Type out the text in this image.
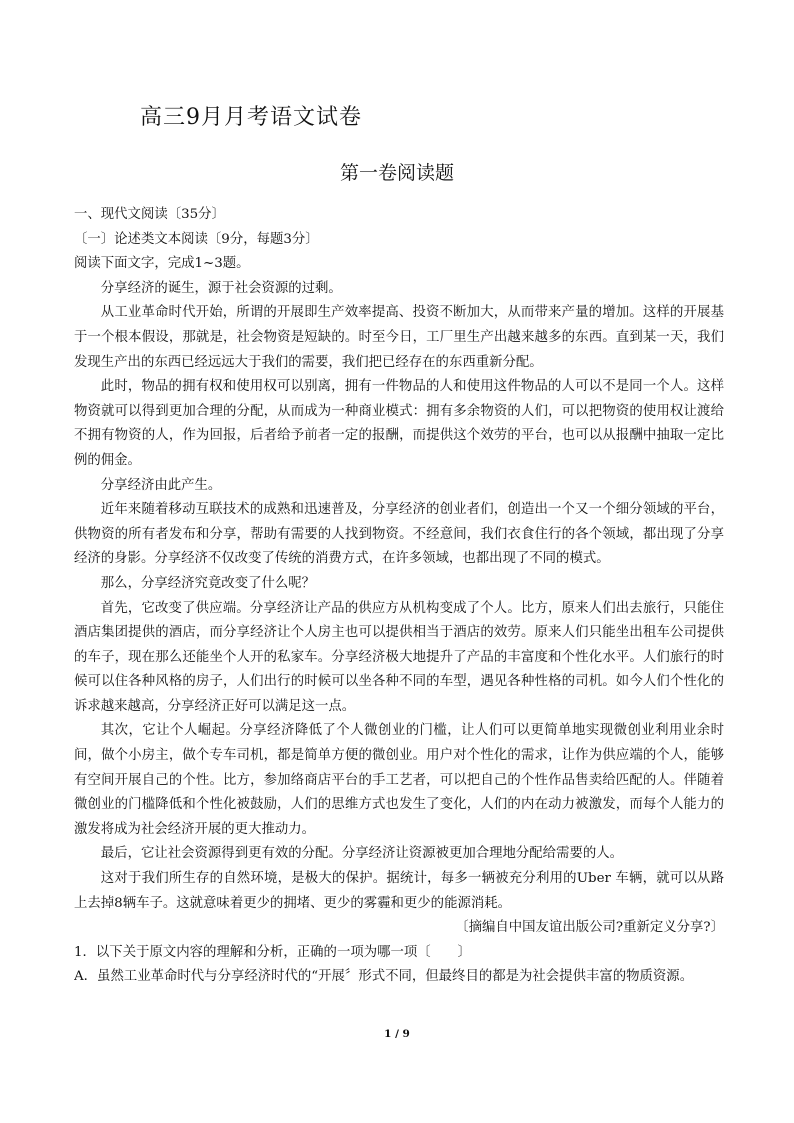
高三9月月考语文试卷
第一卷阅读题
一、现代文阅读〔35分〕
〔一〕论述类文本阅读〔9分，每题3分〕
阅读下面文字，完成1~3题。
分享经济的诞生，源于社会资源的过剩。
从工业革命时代开始，所谓的开展即生产效率提高、投资不断加大，从而带来产量的增加。这样的开展基于一个根本假设，那就是，社会物资是短缺的。时至今日，工厂里生产出越来越多的东西。直到某一天，我们发现生产出的东西已经远远大于我们的需要，我们把已经存在的东西重新分配。
此时，物品的拥有权和使用权可以别离，拥有一件物品的人和使用这件物品的人可以不是同一个人。这样物资就可以得到更加合理的分配，从而成为一种商业模式：拥有多余物资的人们，可以把物资的使用权让渡给不拥有物资的人，作为回报，后者给予前者一定的报酬，而提供这个效劳的平台，也可以从报酬中抽取一定比例的佣金。
分享经济由此产生。
近年来随着移动互联技术的成熟和迅速普及，分享经济的创业者们，创造出一个又一个细分领域的平台，供物资的所有者发布和分享，帮助有需要的人找到物资。不经意间，我们衣食住行的各个领域，都出现了分享经济的身影。分享经济不仅改变了传统的消费方式，在许多领域，也都出现了不同的模式。
那么，分享经济究竟改变了什么呢？
首先，它改变了供应端。分享经济让产品的供应方从机构变成了个人。比方，原来人们出去旅行，只能住酒店集团提供的酒店，而分享经济让个人房主也可以提供相当于酒店的效劳。原来人们只能坐出租车公司提供的车子，现在那么还能坐个人开的私家车。分享经济极大地提升了产品的丰富度和个性化水平。人们旅行的时候可以住各种风格的房子，人们出行的时候可以坐各种不同的车型，遇见各种性格的司机。如今人们个性化的诉求越来越高，分享经济正好可以满足这一点。
其次，它让个人崛起。分享经济降低了个人微创业的门槛，让人们可以更简单地实现微创业利用业余时间，做个小房主，做个专车司机，都是简单方便的微创业。用户对个性化的需求，让作为供应端的个人，能够有空间开展自己的个性。比方，参加络商店平台的手工艺者，可以把自己的个性作品售卖给匹配的人。伴随着微创业的门槛降低和个性化被鼓励，人们的思维方式也发生了变化，人们的内在动力被激发，而每个人能力的激发将成为社会经济开展的更大推动力。
最后，它让社会资源得到更有效的分配。分享经济让资源被更加合理地分配给需要的人。
这对于我们所生存的自然环境，是极大的保护。据统计，每多一辆被充分利用的Uber 车辆，就可以从路上去掉8辆车子。这就意味着更少的拥堵、更少的雾霾和更少的能源消耗。
〔摘编自中国友谊出版公司?重新定义分享?〕
1．以下关于原文内容的理解和分析，正确的一项为哪一项〔　　〕
A．虽然工业革命时代与分享经济时代的“开展〞形式不同，但最终目的都是为社会提供丰富的物质资源。
1 / 9
